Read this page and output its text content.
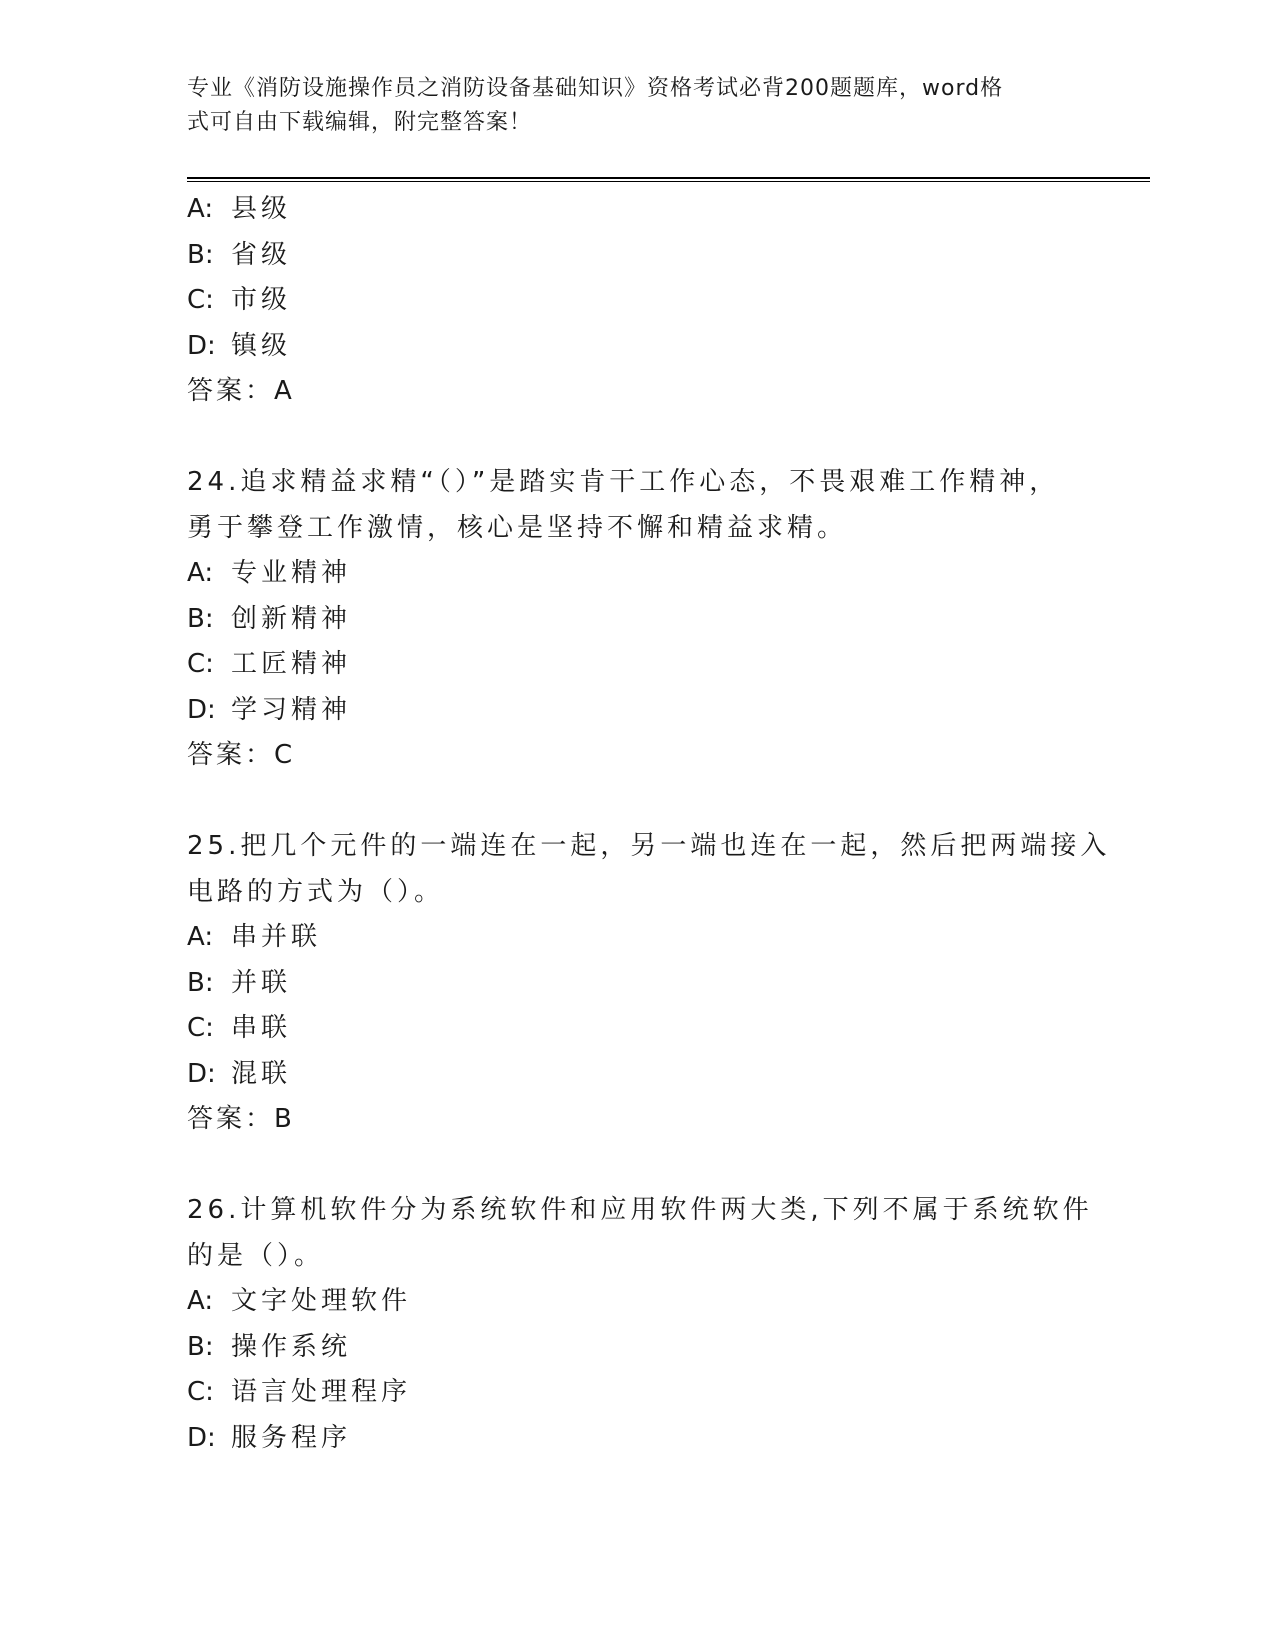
专业《消防设施操作员之消防设备基础知识》资格考试必背200题题库，word格
式可自由下载编辑，附完整答案！
A: 县级
B: 省级
C: 市级
D: 镇级
答案：A
24.追求精益求精“（）”是踏实肯干工作心态，不畏艰难工作精神，
勇于攀登工作激情，核心是坚持不懈和精益求精。
A: 专业精神
B: 创新精神
C: 工匠精神
D: 学习精神
答案：C
25.把几个元件的一端连在一起，另一端也连在一起，然后把两端接入
电路的方式为（）。
A: 串并联
B: 并联
C: 串联
D: 混联
答案：B
26.计算机软件分为系统软件和应用软件两大类,下列不属于系统软件
的是（）。
A: 文字处理软件
B: 操作系统
C: 语言处理程序
D: 服务程序
